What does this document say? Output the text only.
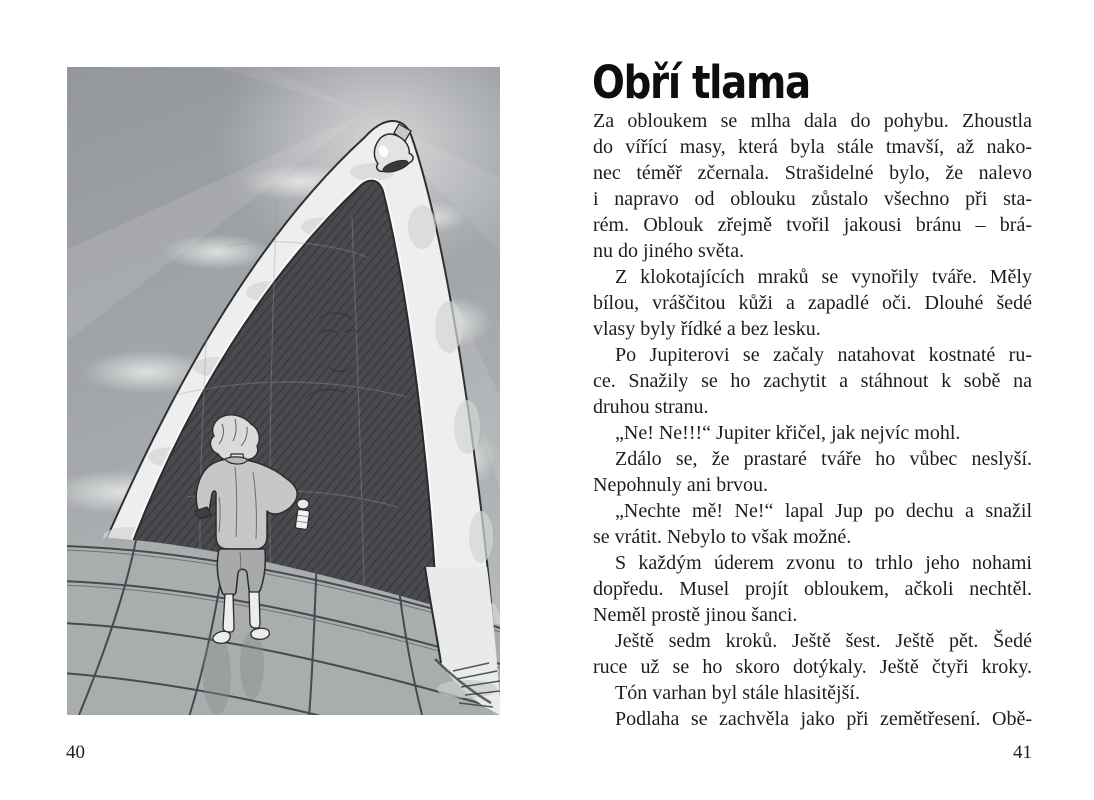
Obří tlama
Za obloukem se mlha dala do pohybu. Zhoustla
do vířící masy, která byla stále tmavší, až nako-
nec téměř zčernala. Strašidelné bylo, že nalevo
i napravo od oblouku zůstalo všechno při sta-
rém. Oblouk zřejmě tvořil jakousi bránu – brá-
nu do jiného světa.
Z klokotajících mraků se vynořily tváře. Měly
bílou, vráščitou kůži a zapadlé oči. Dlouhé šedé
vlasy byly řídké a bez lesku.
Po Jupiterovi se začaly natahovat kostnaté ru-
ce. Snažily se ho zachytit a stáhnout k sobě na
druhou stranu.
„Ne! Ne!!!“ Jupiter křičel, jak nejvíc mohl.
Zdálo se, že prastaré tváře ho vůbec neslyší.
Nepohnuly ani brvou.
„Nechte mě! Ne!“ lapal Jup po dechu a snažil
se vrátit. Nebylo to však možné.
S každým úderem zvonu to trhlo jeho nohami
dopředu. Musel projít obloukem, ačkoli nechtěl.
Neměl prostě jinou šanci.
Ještě sedm kroků. Ještě šest. Ještě pět. Šedé
ruce už se ho skoro dotýkaly. Ještě čtyři kroky.
Tón varhan byl stále hlasitější.
Podlaha se zachvěla jako při zemětřesení. Obě-
40	41
